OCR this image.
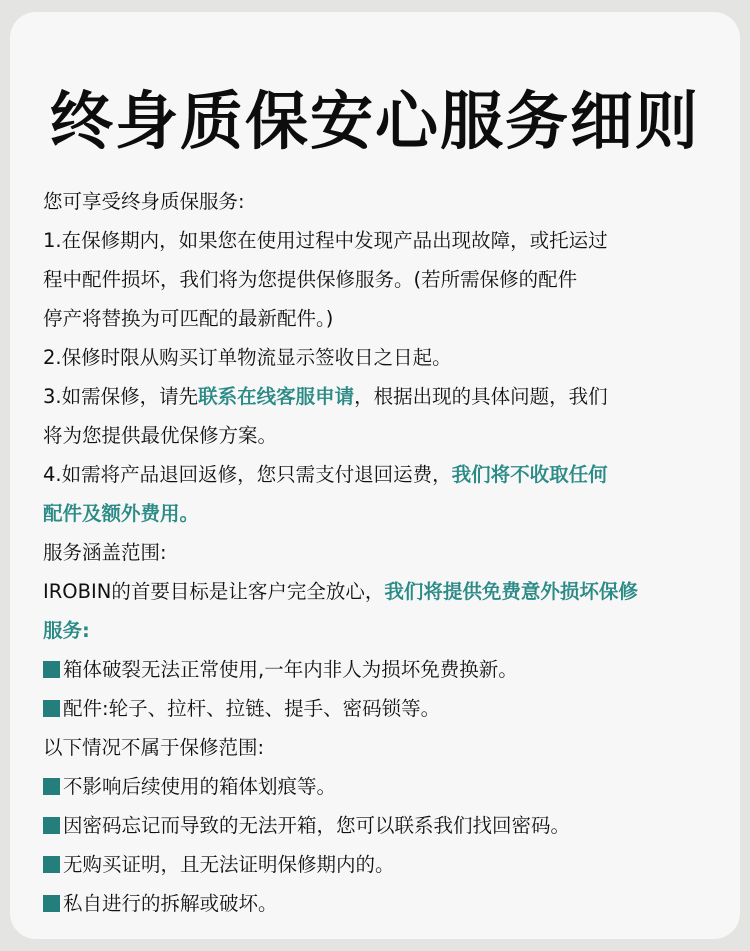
终身质保安心服务细则
您可享受终身质保服务:
1.在保修期内，如果您在使用过程中发现产品出现故障，或托运过
程中配件损坏，我们将为您提供保修服务。(若所需保修的配件
停产将替换为可匹配的最新配件。)
2.保修时限从购买订单物流显示签收日之日起。
3.如需保修，请先联系在线客服申请，根据出现的具体问题，我们
将为您提供最优保修方案。
4.如需将产品退回返修，您只需支付退回运费，我们将不收取任何
配件及额外费用。
服务涵盖范围:
IROBIN的首要目标是让客户完全放心，我们将提供免费意外损坏保修
服务:
箱体破裂无法正常使用,一年内非人为损坏免费换新。
配件:轮子、拉杆、拉链、提手、密码锁等。
以下情况不属于保修范围:
不影响后续使用的箱体划痕等。
因密码忘记而导致的无法开箱，您可以联系我们找回密码。
无购买证明，且无法证明保修期内的。
私自进行的拆解或破坏。
